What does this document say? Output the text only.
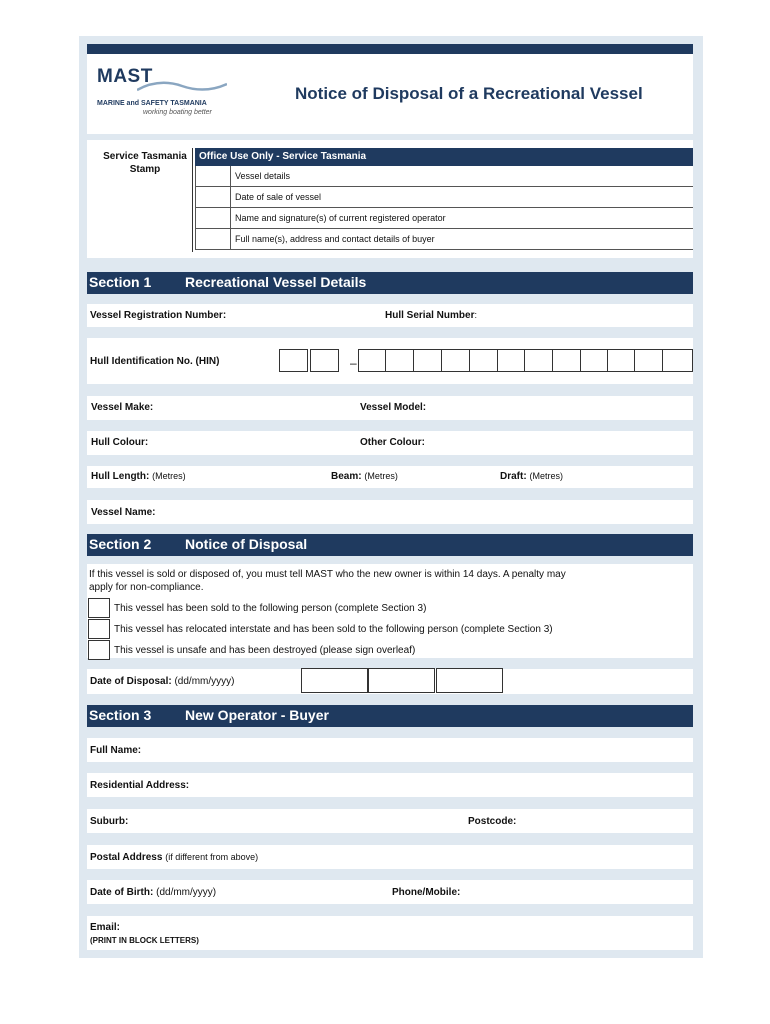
MAST
MARINE and SAFETY TASMANIA
working boating better
Notice of Disposal of a Recreational Vessel
Service Tasmania
Stamp
Office Use Only - Service Tasmania
Vessel details
Date of sale of vessel
Name and signature(s) of current registered operator
Full name(s), address and contact details of buyer
Section 1 Recreational Vessel Details
Vessel Registration Number:	Hull Serial Number:
Hull Identification No. (HIN)	–
Vessel Make:	Vessel Model:
Hull Colour:	Other Colour:
Hull Length: (Metres)	Beam: (Metres)	Draft: (Metres)
Vessel Name:
Section 2 Notice of Disposal
If this vessel is sold or disposed of, you must tell MAST who the new owner is within 14 days. A penalty may
apply for non-compliance.
This vessel has been sold to the following person (complete Section 3)
This vessel has relocated interstate and has been sold to the following person (complete Section 3)
This vessel is unsafe and has been destroyed (please sign overleaf)
Date of Disposal: (dd/mm/yyyy)
Section 3 New Operator - Buyer
Full Name:
Residential Address:
Suburb:	Postcode:
Postal Address (if different from above)
Date of Birth: (dd/mm/yyyy)	Phone/Mobile:
Email:
(PRINT IN BLOCK LETTERS)
